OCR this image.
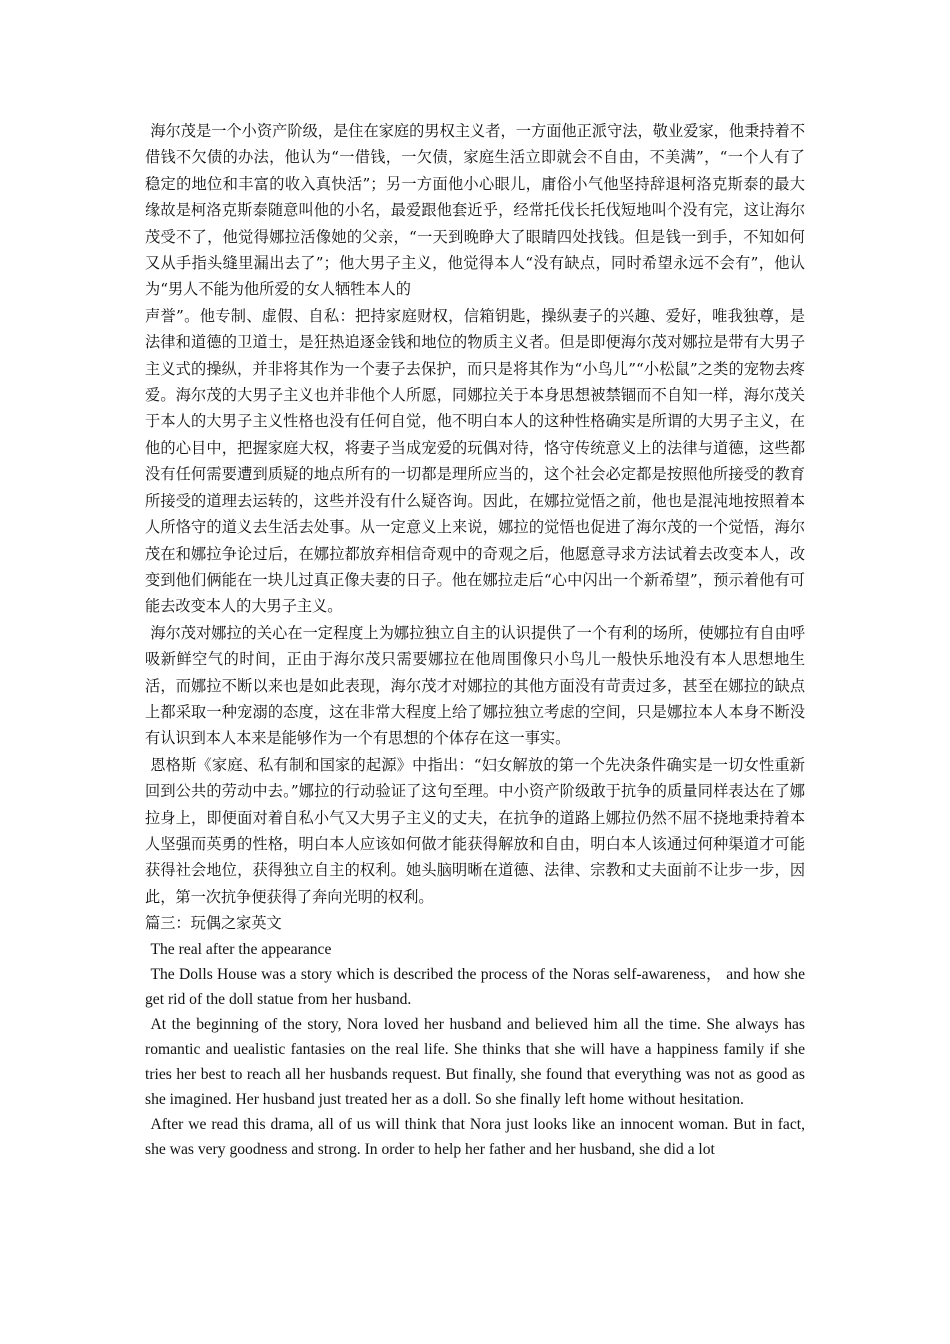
海尔茂是一个小资产阶级，是住在家庭的男权主义者，一方面他正派守法，敬业爱家，他秉持着不借钱不欠债的办法，他认为“一借钱，一欠债，家庭生活立即就会不自由，不美满”，“一个人有了稳定的地位和丰富的收入真快活”；另一方面他小心眼儿，庸俗小气他坚持辞退柯洛克斯泰的最大缘故是柯洛克斯泰随意叫他的小名，最爱跟他套近乎，经常托伐长托伐短地叫个没有完，这让海尔茂受不了，他觉得娜拉活像她的父亲，“一天到晚睁大了眼睛四处找钱。但是钱一到手，不知如何又从手指头缝里漏出去了”；他大男子主义，他觉得本人“没有缺点，同时希望永远不会有”，他认为“男人不能为他所爱的女人牺牲本人的

声誉”。他专制、虚假、自私：把持家庭财权，信箱钥匙，操纵妻子的兴趣、爱好，唯我独尊，是法律和道德的卫道士，是狂热追逐金钱和地位的物质主义者。但是即便海尔茂对娜拉是带有大男子主义式的操纵，并非将其作为一个妻子去保护，而只是将其作为“小鸟儿”“小松鼠”之类的宠物去疼爱。海尔茂的大男子主义也并非他个人所愿，同娜拉关于本身思想被禁锢而不自知一样，海尔茂关于本人的大男子主义性格也没有任何自觉，他不明白本人的这种性格确实是所谓的大男子主义，在他的心目中，把握家庭大权，将妻子当成宠爱的玩偶对待，恪守传统意义上的法律与道德，这些都没有任何需要遭到质疑的地点所有的一切都是理所应当的，这个社会必定都是按照他所接受的教育所接受的道理去运转的，这些并没有什么疑咨询。因此，在娜拉觉悟之前，他也是混沌地按照着本人所恪守的道义去生活去处事。从一定意义上来说，娜拉的觉悟也促进了海尔茂的一个觉悟，海尔茂在和娜拉争论过后，在娜拉都放弃相信奇观中的奇观之后，他愿意寻求方法试着去改变本人，改变到他们俩能在一块儿过真正像夫妻的日子。他在娜拉走后“心中闪出一个新希望”，预示着他有可能去改变本人的大男子主义。

海尔茂对娜拉的关心在一定程度上为娜拉独立自主的认识提供了一个有利的场所，使娜拉有自由呼吸新鲜空气的时间，正由于海尔茂只需要娜拉在他周围像只小鸟儿一般快乐地没有本人思想地生活，而娜拉不断以来也是如此表现，海尔茂才对娜拉的其他方面没有苛责过多，甚至在娜拉的缺点上都采取一种宠溺的态度，这在非常大程度上给了娜拉独立考虑的空间，只是娜拉本人本身不断没有认识到本人本来是能够作为一个有思想的个体存在这一事实。

恩格斯《家庭、私有制和国家的起源》中指出：“妇女解放的第一个先决条件确实是一切女性重新回到公共的劳动中去。”娜拉的行动验证了这句至理。中小资产阶级敢于抗争的质量同样表达在了娜拉身上，即便面对着自私小气又大男子主义的丈夫，在抗争的道路上娜拉仍然不屈不挠地秉持着本人坚强而英勇的性格，明白本人应该如何做才能获得解放和自由，明白本人该通过何种渠道才可能获得社会地位，获得独立自主的权利。她头脑明晰在道德、法律、宗教和丈夫面前不让步一步，因此，第一次抗争便获得了奔向光明的权利。

篇三：玩偶之家英文

The real after the appearance

The Dolls House was a story which is described the process of the Noras self-awareness， and how she get rid of the doll statue from her husband.

At the beginning of the story, Nora loved her husband and believed him all the time. She always has romantic and uealistic fantasies on the real life. She thinks that she will have a happiness family if she tries her best to reach all her husbands request. But finally, she found that everything was not as good as she imagined. Her husband just treated her as a doll. So she finally left home without hesitation.

After we read this drama, all of us will think that Nora just looks like an innocent woman. But in fact, she was very goodness and strong. In order to help her father and her husband, she did a lot
